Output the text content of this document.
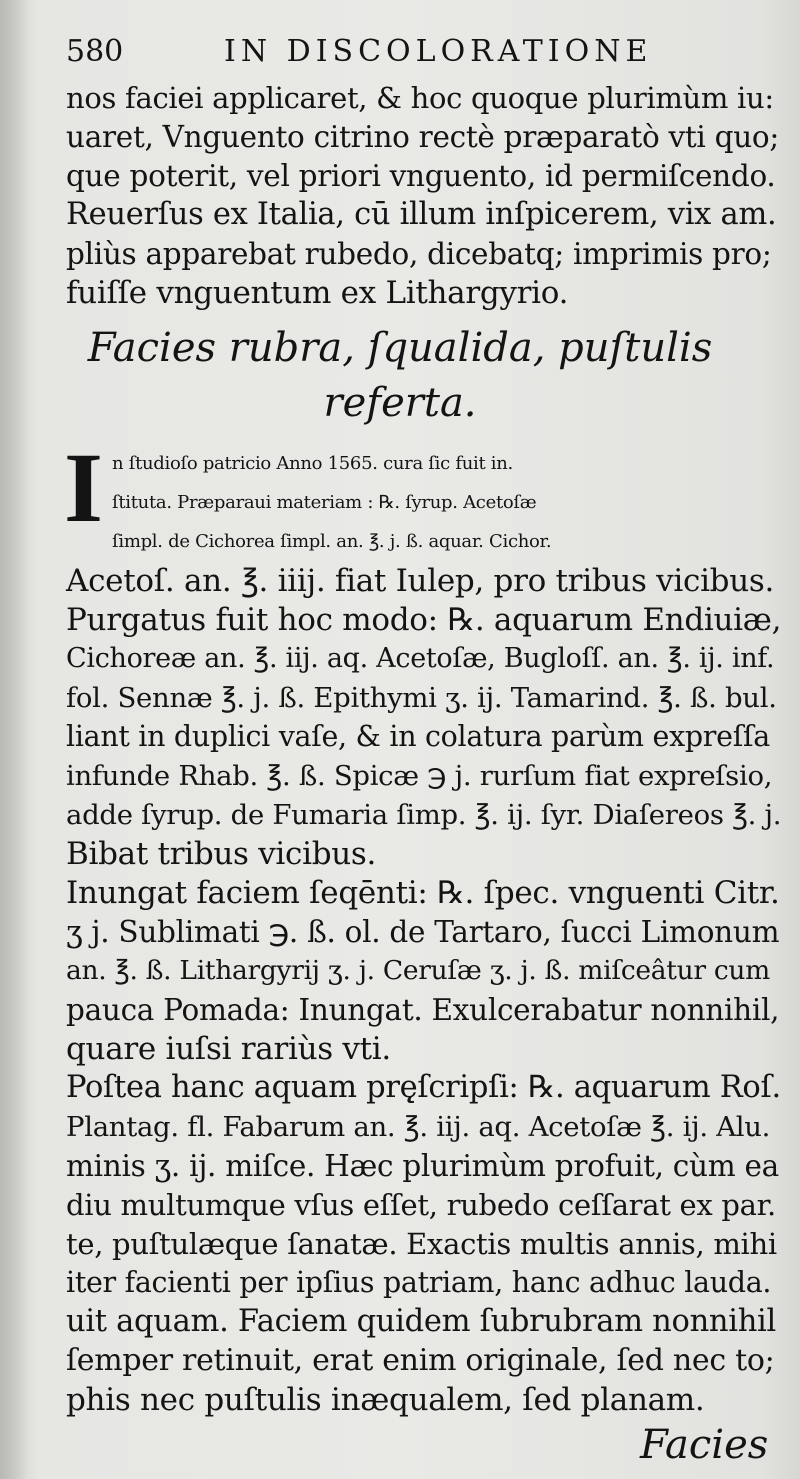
580	IN DISCOLORATIONE

nos faciei applicaret, & hoc quoque plurimùm iu:

uaret, Vnguento citrino rectè præparatò vti quo;

que poterit, vel priori vnguento, id permiſcendo.

Reuerſus ex Italia, cū illum inſpicerem, vix am.

pliùs apparebat rubedo, dicebatq; imprimis pro;

fuiſſe vnguentum ex Lithargyrio.

Facies rubra, ſqualida, puſtulis
referta.
I n ſtudioſo patricio Anno 1565. cura ſic fuit in.

ſtituta. Præparaui materiam : ℞. ſyrup. Acetoſæ

ſimpl. de Cichorea ſimpl. an. ℥. j. ß. aquar. Cichor.

Acetoſ. an. ℥. iiij. fiat Iulep, pro tribus vicibus.

Purgatus fuit hoc modo: ℞. aquarum Endiuiæ,

Cichoreæ an. ℥. iij. aq. Acetoſæ, Bugloſſ. an. ℥. ij. inf.

fol. Sennæ ℥. j. ß. Epithymi ʒ. ij. Tamarind. ℥. ß. bul.

liant in duplici vaſe, & in colatura parùm expreſſa

infunde Rhab. ℥. ß. Spicæ ℈ j. rurſum fiat expreſsio,

adde ſyrup. de Fumaria ſimp. ℥. ij. ſyr. Diaſereos ℥. j.

Bibat tribus vicibus.

Inungat faciem ſeqēnti: ℞. ſpec. vnguenti Citr.

ʒ j. Sublimati ℈. ß. ol. de Tartaro, ſucci Limonum

an. ℥. ß. Lithargyrij ʒ. j. Ceruſæ ʒ. j. ß. miſceâtur cum

pauca Pomada: Inungat. Exulcerabatur nonnihil,

quare iuſsi rariùs vti.

Poſtea hanc aquam prę̨ſcripſi: ℞. aquarum Roſ.

Plantag. fl. Fabarum an. ℥. iij. aq. Acetoſæ ℥. ij. Alu.

minis ʒ. ij. miſce. Hæc plurimùm profuit, cùm ea

diu multumque vſus eſſet, rubedo ceſſarat ex par.

te, puſtulæque ſanatæ. Exactis multis annis, mihi

iter facienti per ipſius patriam, hanc adhuc lauda.

uit aquam. Faciem quidem ſubrubram nonnihil

ſemper retinuit, erat enim originale, ſed nec to;

phis nec puſtulis inæqualem, ſed planam.

Facies
